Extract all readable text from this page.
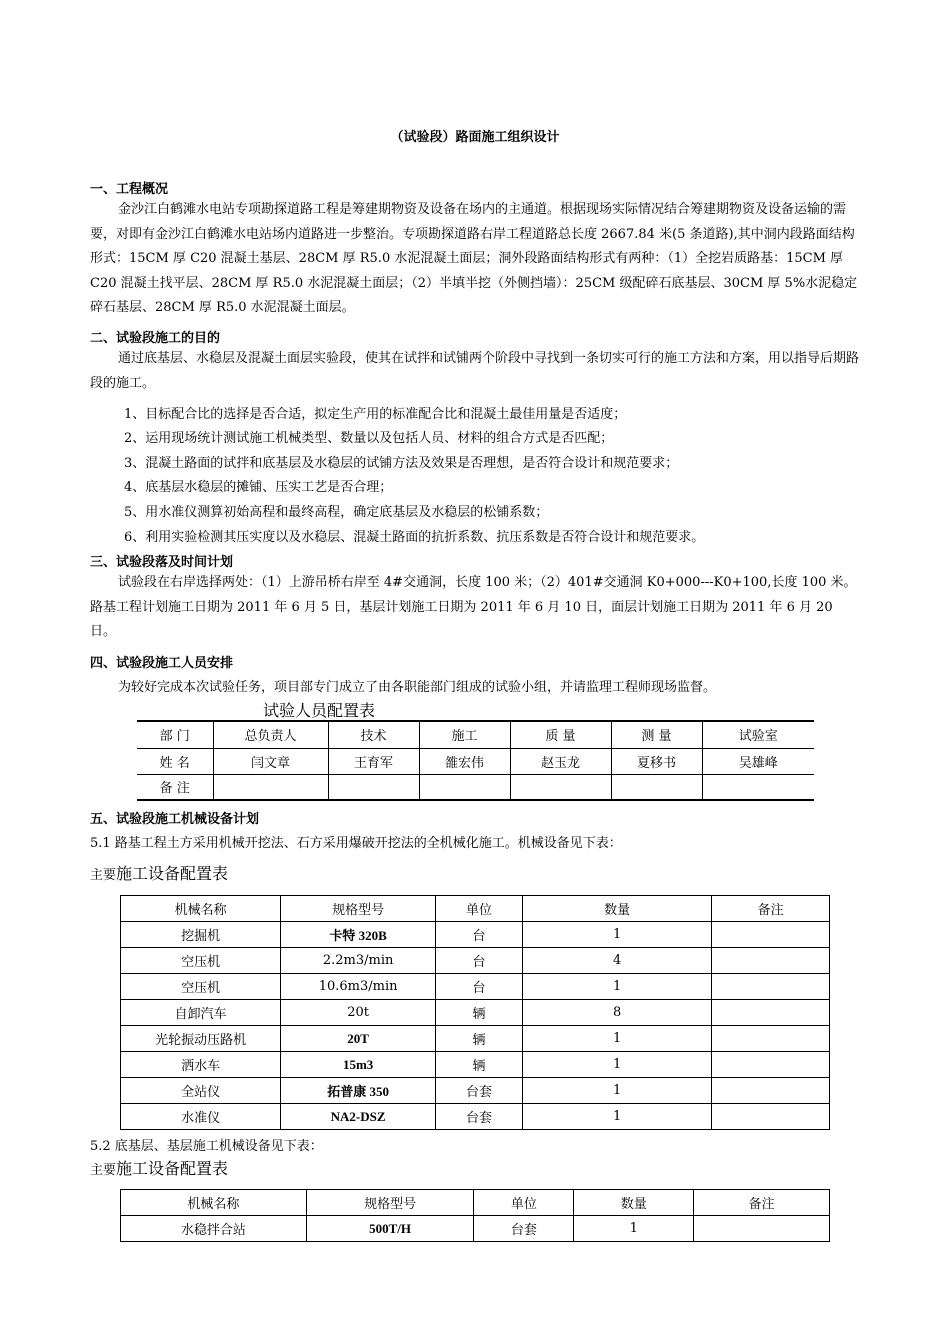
（试验段）路面施工组织设计
一、工程概况
金沙江白鹤滩水电站专项勘探道路工程是筹建期物资及设备在场内的主通道。根据现场实际情况结合筹建期物资及设备运输的需要，对即有金沙江白鹤滩水电站场内道路进一步整治。专项勘探道路右岸工程道路总长度 2667.84 米(5 条道路),其中洞内段路面结构形式：15CM 厚 C20 混凝土基层、28CM 厚 R5.0 水泥混凝土面层；洞外段路面结构形式有两种：（1）全挖岩质路基：15CM 厚 C20 混凝土找平层、28CM 厚 R5.0 水泥混凝土面层；（2）半填半挖（外侧挡墙）：25CM 级配碎石底基层、30CM 厚 5%水泥稳定碎石基层、28CM 厚 R5.0 水泥混凝土面层。
二、试验段施工的目的
通过底基层、水稳层及混凝土面层实验段，使其在试拌和试铺两个阶段中寻找到一条切实可行的施工方法和方案，用以指导后期路段的施工。
1、目标配合比的选择是否合适，拟定生产用的标准配合比和混凝土最佳用量是否适度；
2、运用现场统计测试施工机械类型、数量以及包括人员、材料的组合方式是否匹配；
3、混凝土路面的试拌和底基层及水稳层的试铺方法及效果是否理想，是否符合设计和规范要求；
4、底基层水稳层的摊铺、压实工艺是否合理；
5、用水准仪测算初始高程和最终高程，确定底基层及水稳层的松铺系数；
6、利用实验检测其压实度以及水稳层、混凝土路面的抗折系数、抗压系数是否符合设计和规范要求。
三、试验段落及时间计划
试验段在右岸选择两处：（1）上游吊桥右岸至 4#交通洞，长度 100 米；（2）401#交通洞 K0+000---K0+100,长度 100 米。路基工程计划施工日期为 2011 年 6 月 5 日，基层计划施工日期为 2011 年 6 月 10 日，面层计划施工日期为 2011 年 6 月 20 日。
四、试验段施工人员安排
为较好完成本次试验任务，项目部专门成立了由各职能部门组成的试验小组，并请监理工程师现场监督。
试验人员配置表
部 门	总负责人	技术	施工	质 量	测 量	试验室
姓 名	闫文章	王育军	雒宏伟	赵玉龙	夏移书	吴雄峰
备 注						
五、试验段施工机械设备计划
5.1 路基工程土方采用机械开挖法、石方采用爆破开挖法的全机械化施工。机械设备见下表：
主要施工设备配置表
机械名称	规格型号	单位	数量	备注
挖掘机	卡特 320B	台	1	
空压机	2.2m3/min	台	4	
空压机	10.6m3/min	台	1	
自卸汽车	20t	辆	8	
光轮振动压路机	20T	辆	1	
洒水车	15m3	辆	1	
全站仪	拓普康 350	台套	1	
水准仪	NA2-DSZ	台套	1	
5.2 底基层、基层施工机械设备见下表：
主要施工设备配置表
机械名称	规格型号	单位	数量	备注
水稳拌合站	500T/H	台套	1	
